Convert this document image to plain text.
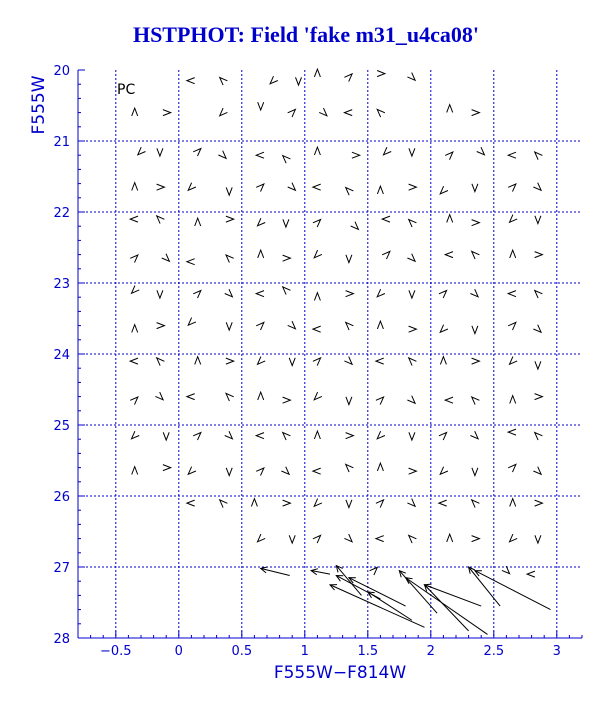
HSTPHOT: Field 'fake m31_u4ca08'
−0.5	0	0.5	1	1.5	2	2.5	3
20
21
22
23
24
25
26
27
28
PC
F555W−F814W
F555W
